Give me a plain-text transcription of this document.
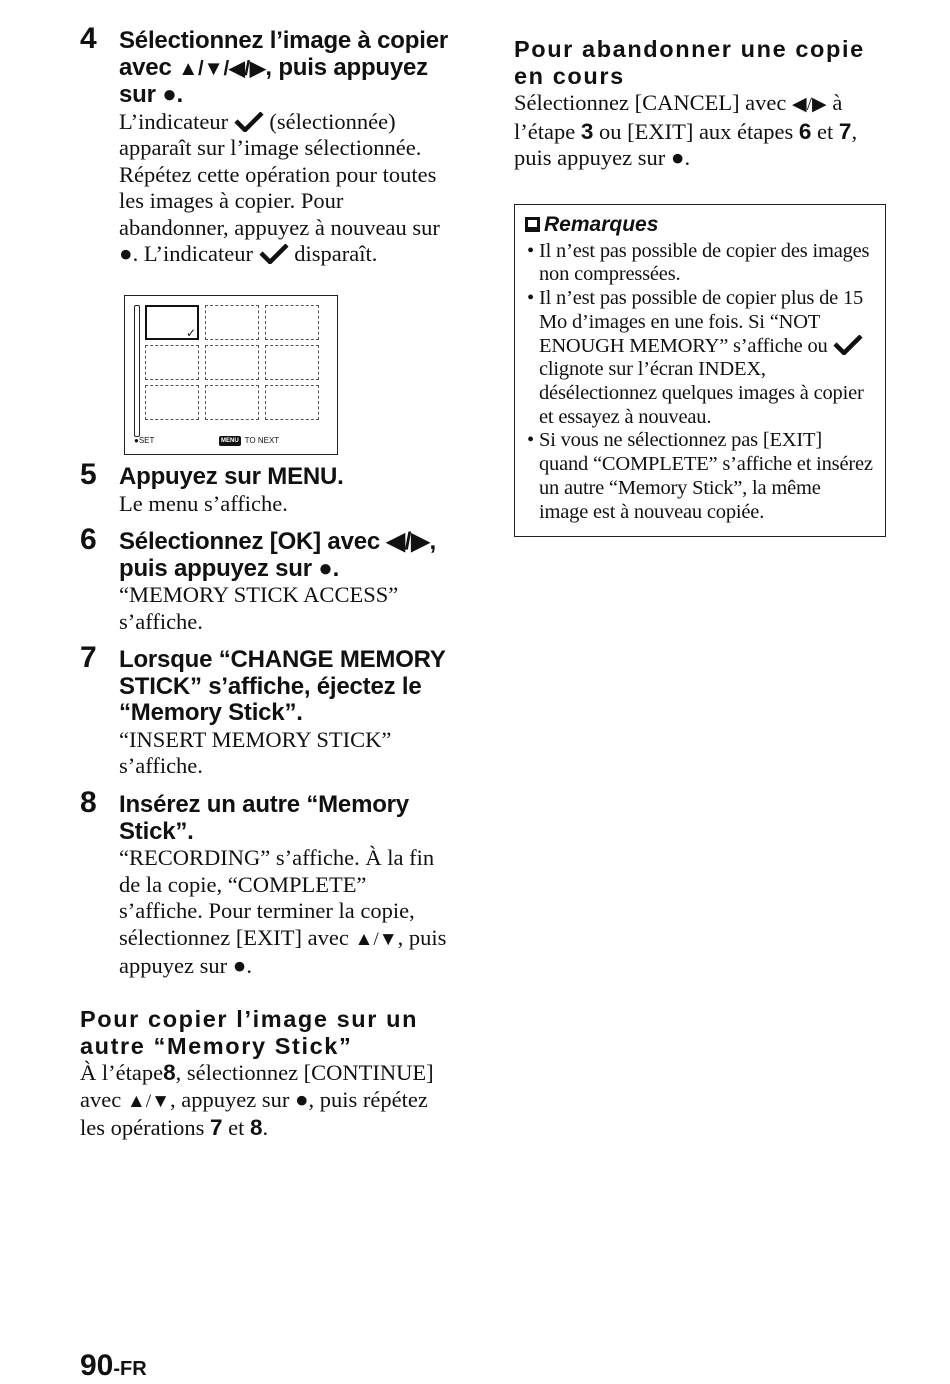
4 Sélectionnez l’image à copier avec ▲/▼/◀/▶, puis appuyez sur ●.
L’indicateur
(sélectionnée) apparaît sur l’image sélectionnée. Répétez cette opération pour toutes les images à copier. Pour abandonner, appuyez à nouveau sur ●. L’indicateur
disparaît.
✓
●SET	MENU TO NEXT
5 Appuyez sur MENU.
Le menu s’affiche.
6 Sélectionnez [OK] avec ◀/▶, puis appuyez sur ●.
“MEMORY STICK ACCESS” s’affiche.
7 Lorsque “CHANGE MEMORY STICK” s’affiche, éjectez le “Memory Stick”.
“INSERT MEMORY STICK” s’affiche.
8 Insérez un autre “Memory Stick”.
“RECORDING” s’affiche. À la fin de la copie, “COMPLETE” s’affiche. Pour terminer la copie, sélectionnez [EXIT] avec ▲/▼, puis appuyez sur ●.
Pour copier l’image sur un autre “Memory Stick”
À l’étape8, sélectionnez [CONTINUE] avec ▲/▼, appuyez sur ●, puis répétez les opérations 7 et 8.
Pour abandonner une copie en cours
Sélectionnez [CANCEL] avec ◀/▶ à l’étape 3 ou [EXIT] aux étapes 6 et 7, puis appuyez sur ●.
Remarques
• Il n’est pas possible de copier des images non compressées.
• Il n’est pas possible de copier plus de 15 Mo d’images en une fois. Si “NOT ENOUGH MEMORY” s’affiche ou
clignote sur l’écran INDEX, désélectionnez quelques images à copier et essayez à nouveau.
• Si vous ne sélectionnez pas [EXIT] quand “COMPLETE” s’affiche et insérez un autre “Memory Stick”, la même image est à nouveau copiée.
90-FR
